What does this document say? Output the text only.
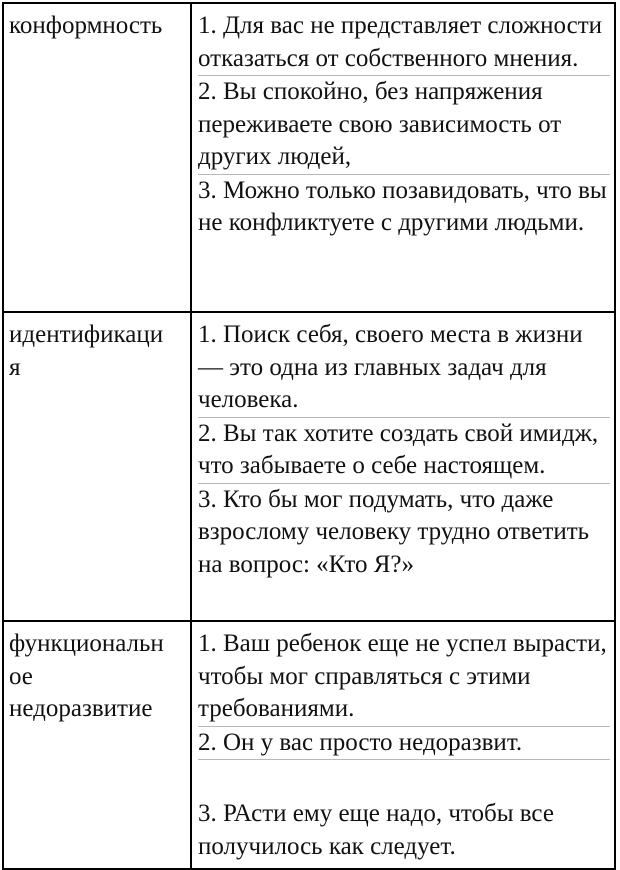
конформность	1. Для вас не представляет сложности отказаться от собственного мнения.
2. Вы спокойно, без напряжения переживаете свою зависимость от других людей,
3. Можно только позавидовать, что вы не конфликтуете с другими людьми.

идентификаци
я	1. Поиск себя, своего места в жизни — это одна из главных задач для человека.
2. Вы так хотите создать свой имидж, что забываете о себе настоящем.
3. Кто бы мог подумать, что даже взрослому человеку трудно ответить на вопрос: «Кто Я?»

функциональн
ое
недоразвитие	1. Ваш ребенок еще не успел вырасти, чтобы мог справляться с этими требованиями.
2. Он у вас просто недоразвит.
3. РАсти ему еще надо, чтобы все получилось как следует.
